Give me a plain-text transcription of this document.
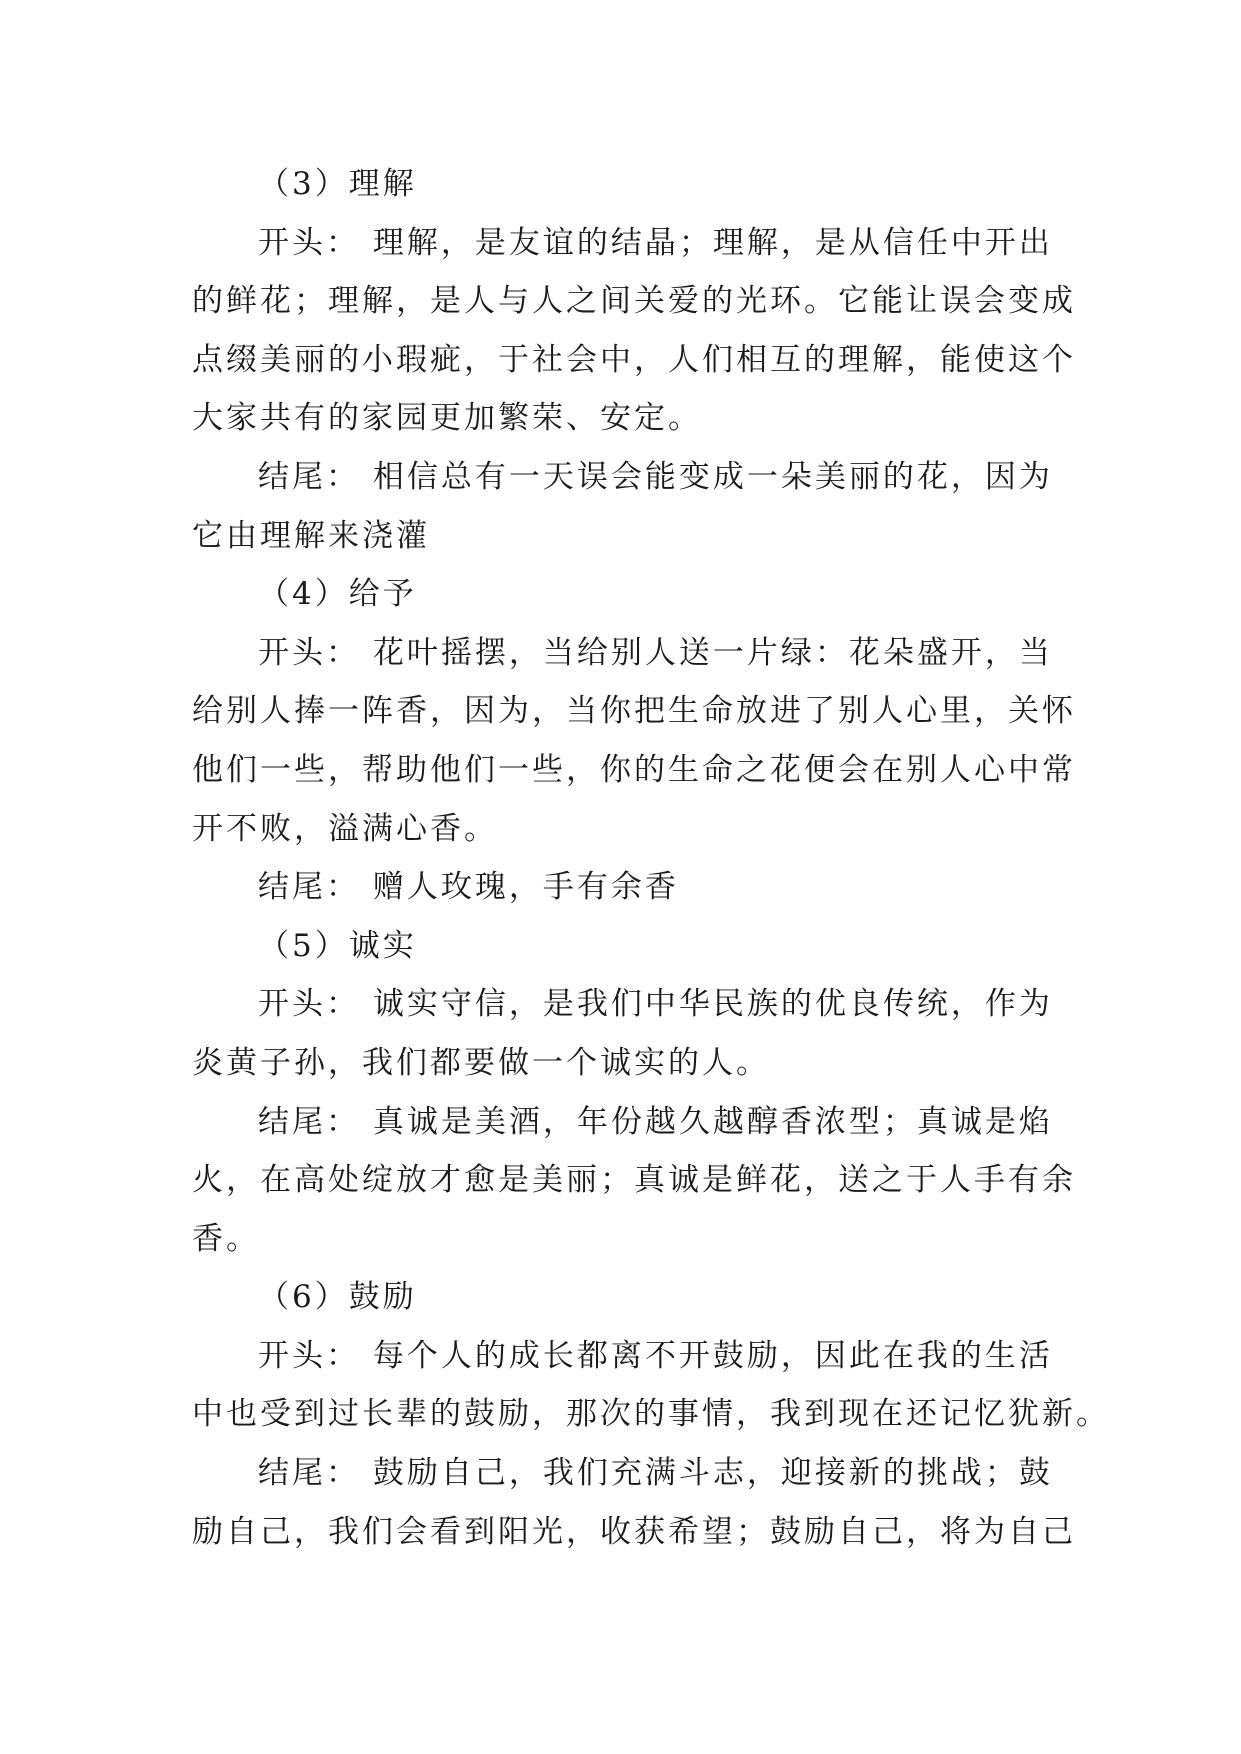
（3）理解
开头： 理解，是友谊的结晶；理解，是从信任中开出
的鲜花；理解，是人与人之间关爱的光环。它能让误会变成
点缀美丽的小瑕疵，于社会中，人们相互的理解，能使这个
大家共有的家园更加繁荣、安定。
结尾： 相信总有一天误会能变成一朵美丽的花，因为
它由理解来浇灌
（4）给予
开头： 花叶摇摆，当给别人送一片绿：花朵盛开，当
给别人捧一阵香，因为，当你把生命放进了别人心里，关怀
他们一些，帮助他们一些，你的生命之花便会在别人心中常
开不败，溢满心香。
结尾： 赠人玫瑰，手有余香
（5）诚实
开头： 诚实守信，是我们中华民族的优良传统，作为
炎黄子孙，我们都要做一个诚实的人。
结尾： 真诚是美酒，年份越久越醇香浓型；真诚是焰
火，在高处绽放才愈是美丽；真诚是鲜花，送之于人手有余
香。
（6）鼓励
开头： 每个人的成长都离不开鼓励，因此在我的生活
中也受到过长辈的鼓励，那次的事情，我到现在还记忆犹新。
结尾： 鼓励自己，我们充满斗志，迎接新的挑战；鼓
励自己，我们会看到阳光，收获希望；鼓励自己，将为自己
